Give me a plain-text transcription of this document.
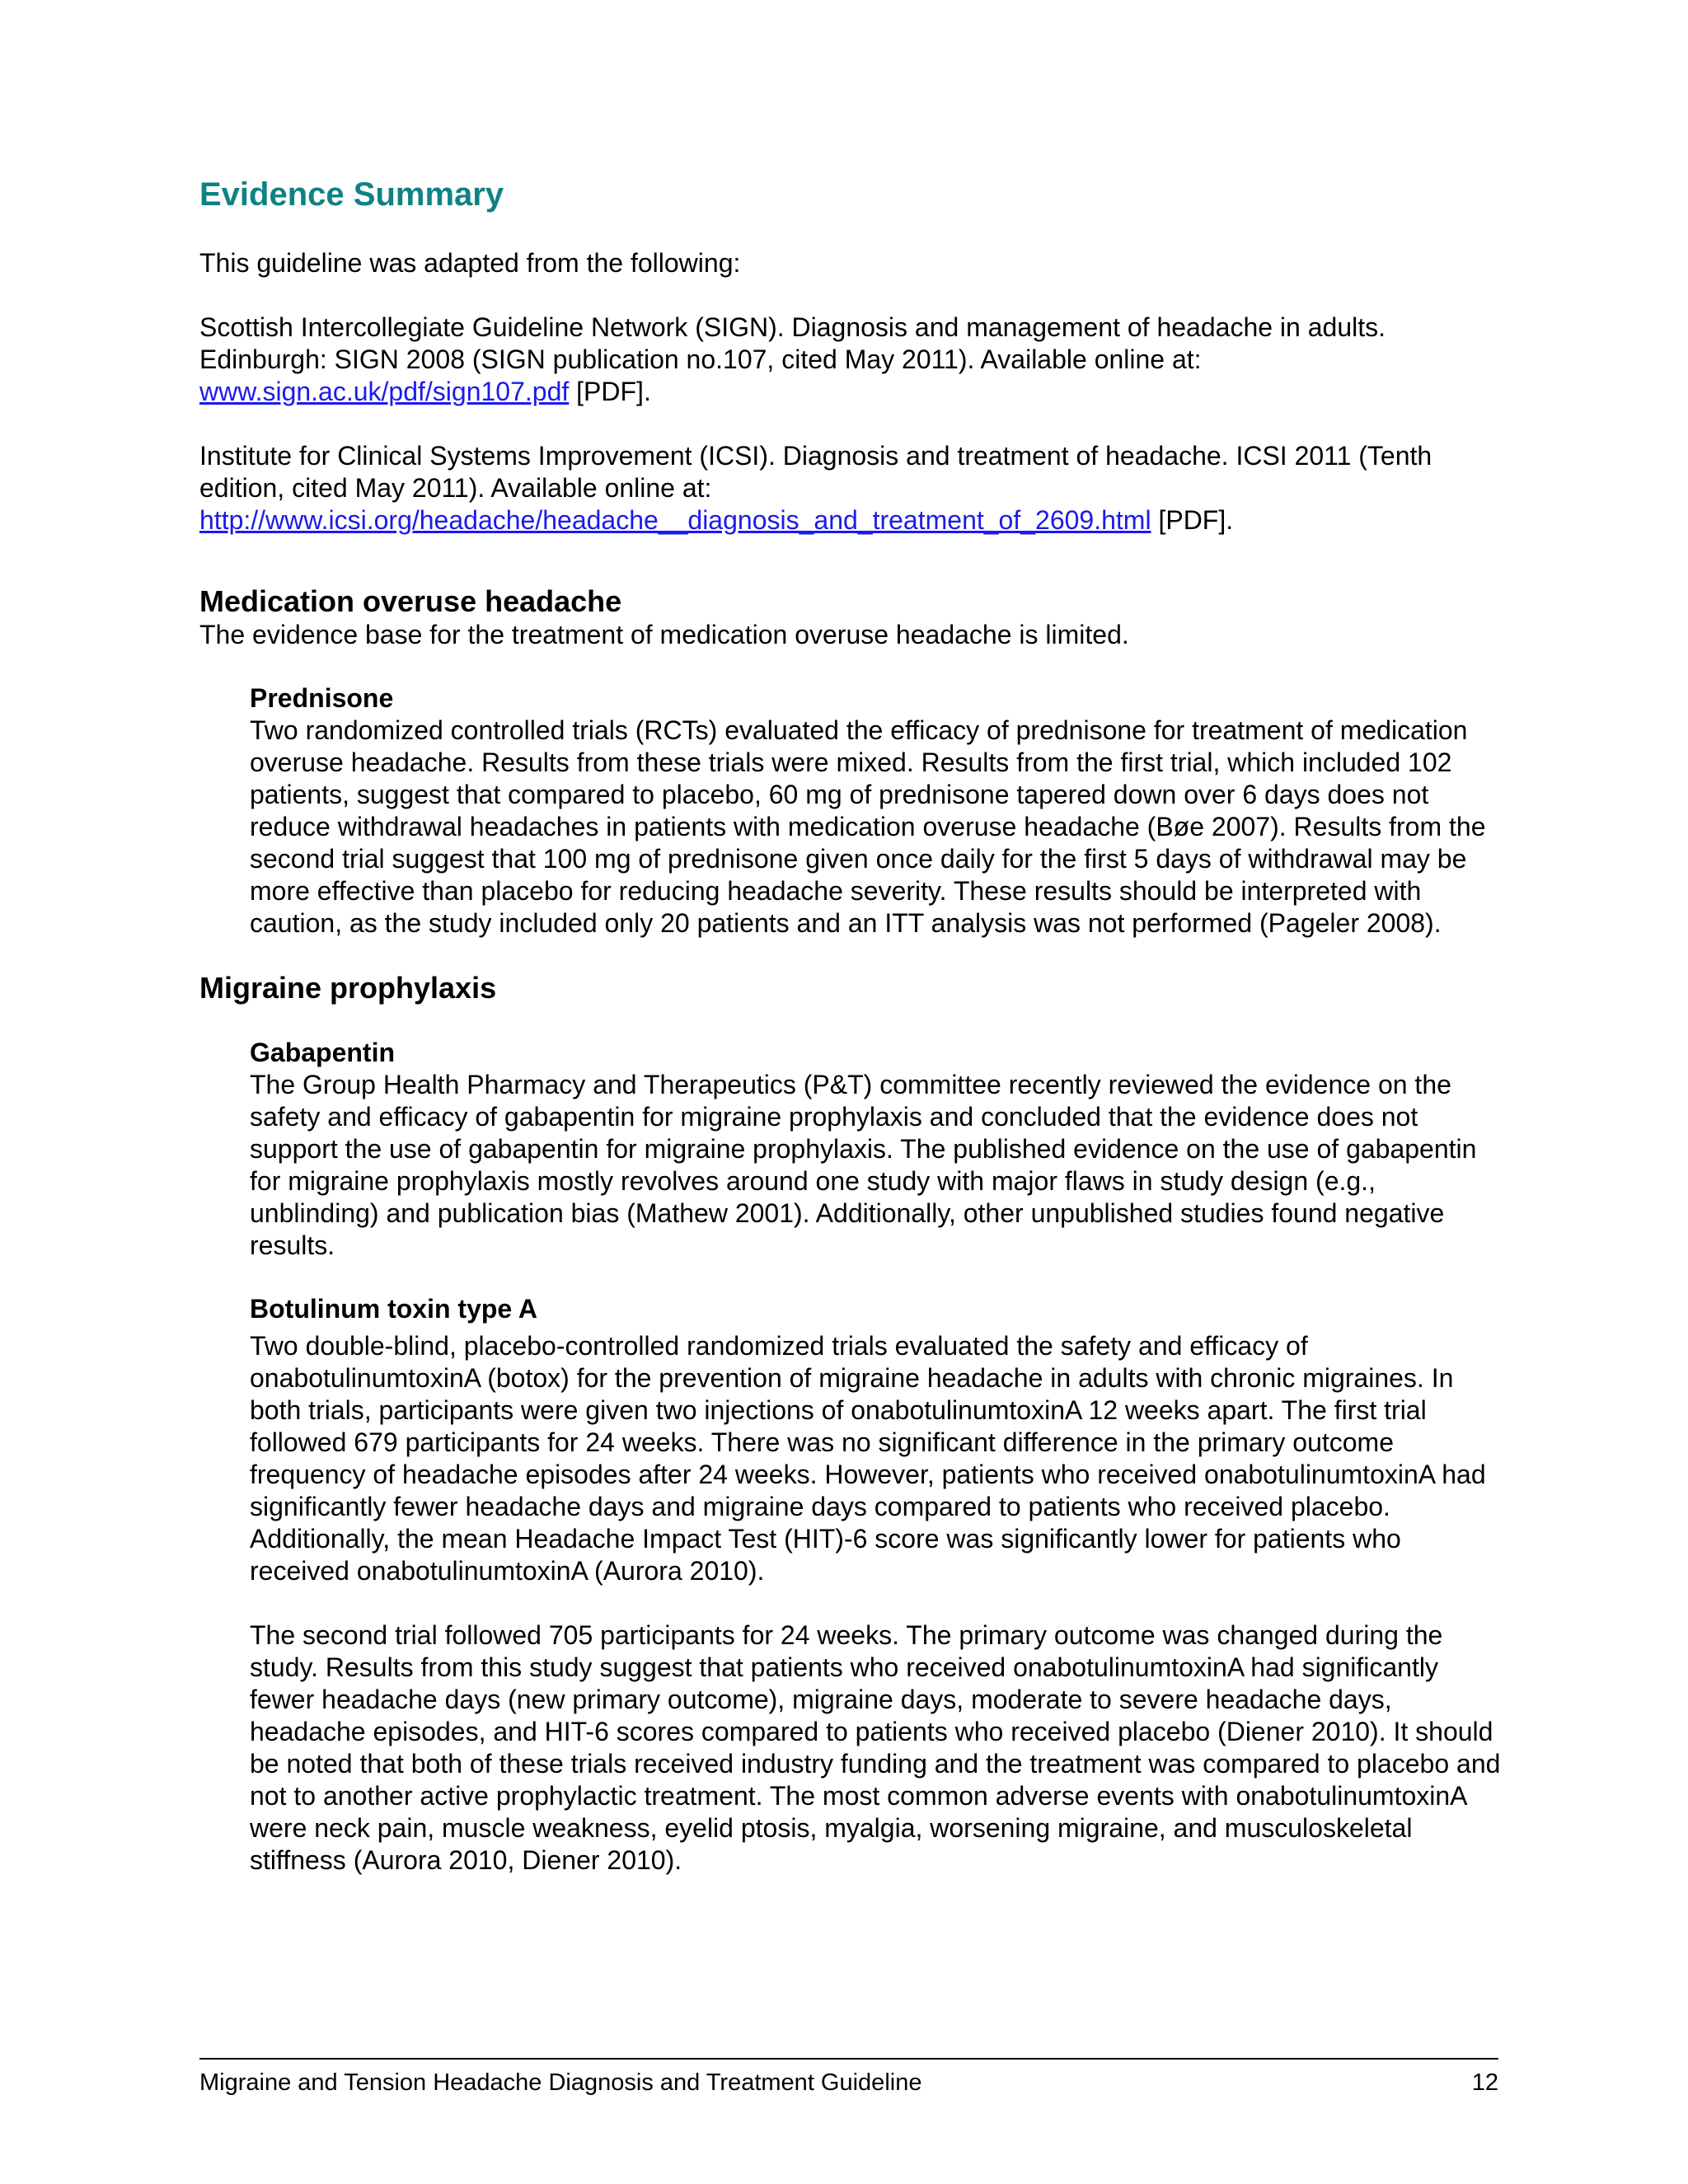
Evidence Summary

This guideline was adapted from the following:

Scottish Intercollegiate Guideline Network (SIGN). Diagnosis and management of headache in adults. Edinburgh: SIGN 2008 (SIGN publication no.107, cited May 2011). Available online at:
www.sign.ac.uk/pdf/sign107.pdf [PDF].

Institute for Clinical Systems Improvement (ICSI). Diagnosis and treatment of headache. ICSI 2011 (Tenth edition, cited May 2011). Available online at:
http://www.icsi.org/headache/headache__diagnosis_and_treatment_of_2609.html [PDF].

Medication overuse headache

The evidence base for the treatment of medication overuse headache is limited.

Prednisone

Two randomized controlled trials (RCTs) evaluated the efficacy of prednisone for treatment of medication overuse headache. Results from these trials were mixed. Results from the first trial, which included 102 patients, suggest that compared to placebo, 60 mg of prednisone tapered down over 6 days does not reduce withdrawal headaches in patients with medication overuse headache (Bøe 2007). Results from the second trial suggest that 100 mg of prednisone given once daily for the first 5 days of withdrawal may be more effective than placebo for reducing headache severity. These results should be interpreted with caution, as the study included only 20 patients and an ITT analysis was not performed (Pageler 2008).

Migraine prophylaxis
Gabapentin

The Group Health Pharmacy and Therapeutics (P&T) committee recently reviewed the evidence on the safety and efficacy of gabapentin for migraine prophylaxis and concluded that the evidence does not support the use of gabapentin for migraine prophylaxis. The published evidence on the use of gabapentin for migraine prophylaxis mostly revolves around one study with major flaws in study design (e.g., unblinding) and publication bias (Mathew 2001). Additionally, other unpublished studies found negative results.

Botulinum toxin type A

Two double-blind, placebo-controlled randomized trials evaluated the safety and efficacy of onabotulinumtoxinA (botox) for the prevention of migraine headache in adults with chronic migraines. In both trials, participants were given two injections of onabotulinumtoxinA 12 weeks apart. The first trial followed 679 participants for 24 weeks. There was no significant difference in the primary outcome frequency of headache episodes after 24 weeks. However, patients who received onabotulinumtoxinA had significantly fewer headache days and migraine days compared to patients who received placebo. Additionally, the mean Headache Impact Test (HIT)-6 score was significantly lower for patients who received onabotulinumtoxinA (Aurora 2010).

The second trial followed 705 participants for 24 weeks. The primary outcome was changed during the study. Results from this study suggest that patients who received onabotulinumtoxinA had significantly fewer headache days (new primary outcome), migraine days, moderate to severe headache days, headache episodes, and HIT-6 scores compared to patients who received placebo (Diener 2010). It should be noted that both of these trials received industry funding and the treatment was compared to placebo and not to another active prophylactic treatment. The most common adverse events with onabotulinumtoxinA were neck pain, muscle weakness, eyelid ptosis, myalgia, worsening migraine, and musculoskeletal stiffness (Aurora 2010, Diener 2010).

Migraine and Tension Headache Diagnosis and Treatment Guideline	12
